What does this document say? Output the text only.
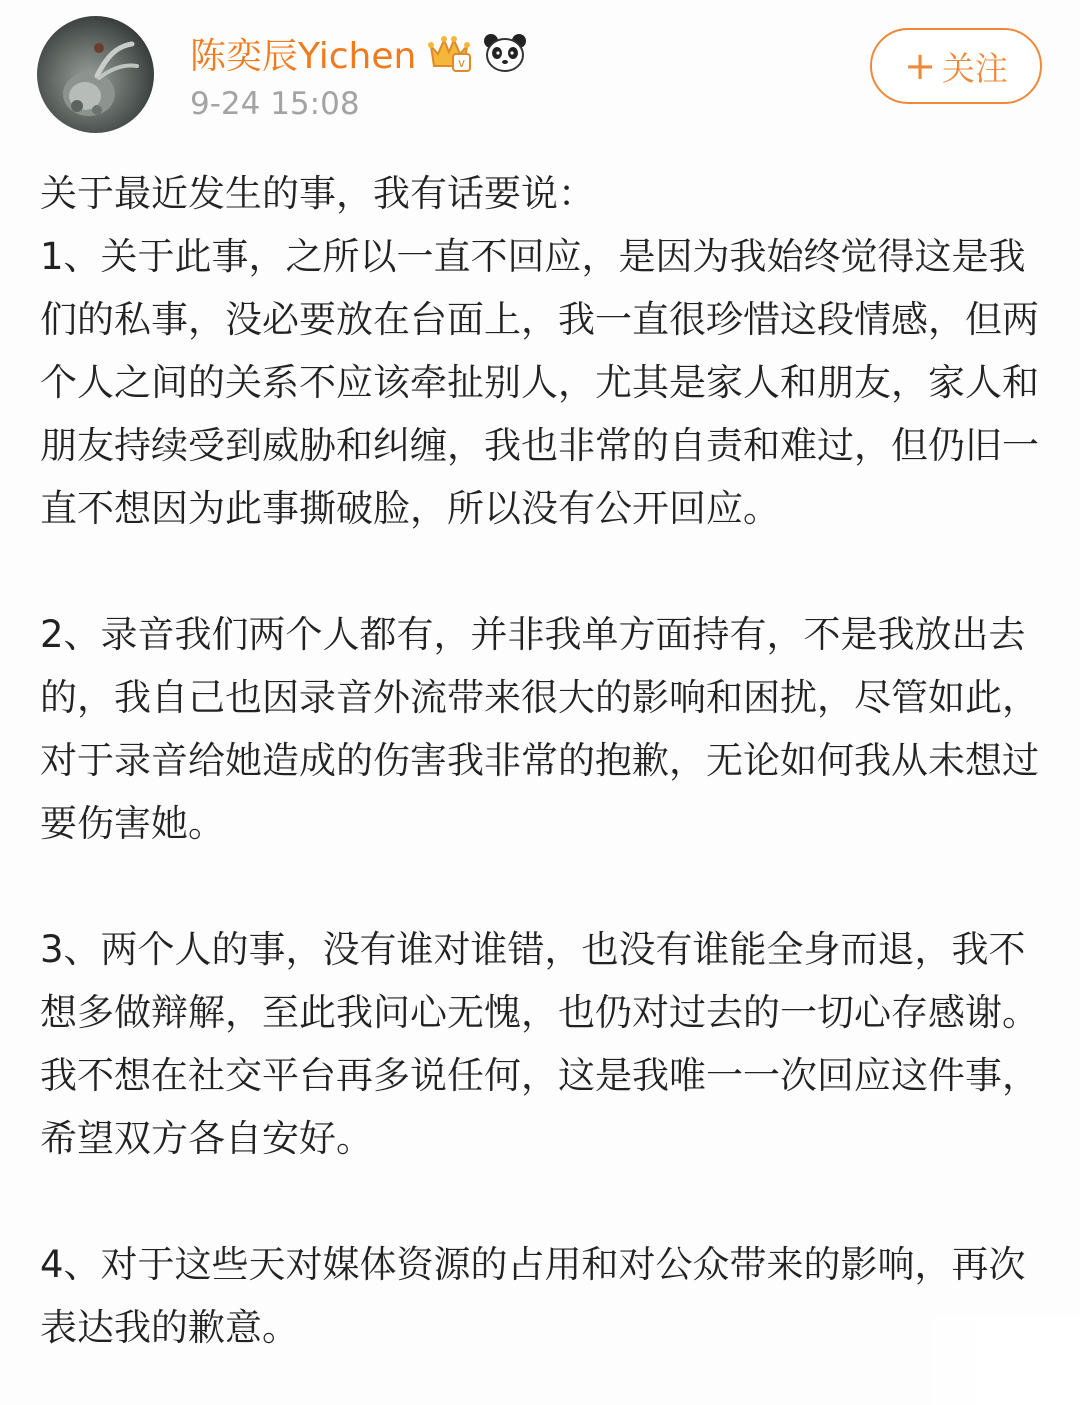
陈奕辰Yichen	v
9-24 15:08
+ 关注

关于最近发生的事，我有话要说：
1、关于此事，之所以一直不回应，是因为我始终觉得这是我们的私事，没必要放在台面上，我一直很珍惜这段情感，但两个人之间的关系不应该牵扯别人，尤其是家人和朋友，家人和朋友持续受到威胁和纠缠，我也非常的自责和难过，但仍旧一直不想因为此事撕破脸，所以没有公开回应。

2、录音我们两个人都有，并非我单方面持有，不是我放出去的，我自己也因录音外流带来很大的影响和困扰，尽管如此，对于录音给她造成的伤害我非常的抱歉，无论如何我从未想过要伤害她。

3、两个人的事，没有谁对谁错，也没有谁能全身而退，我不想多做辩解，至此我问心无愧，也仍对过去的一切心存感谢。我不想在社交平台再多说任何，这是我唯一一次回应这件事，希望双方各自安好。

4、对于这些天对媒体资源的占用和对公众带来的影响，再次表达我的歉意。
